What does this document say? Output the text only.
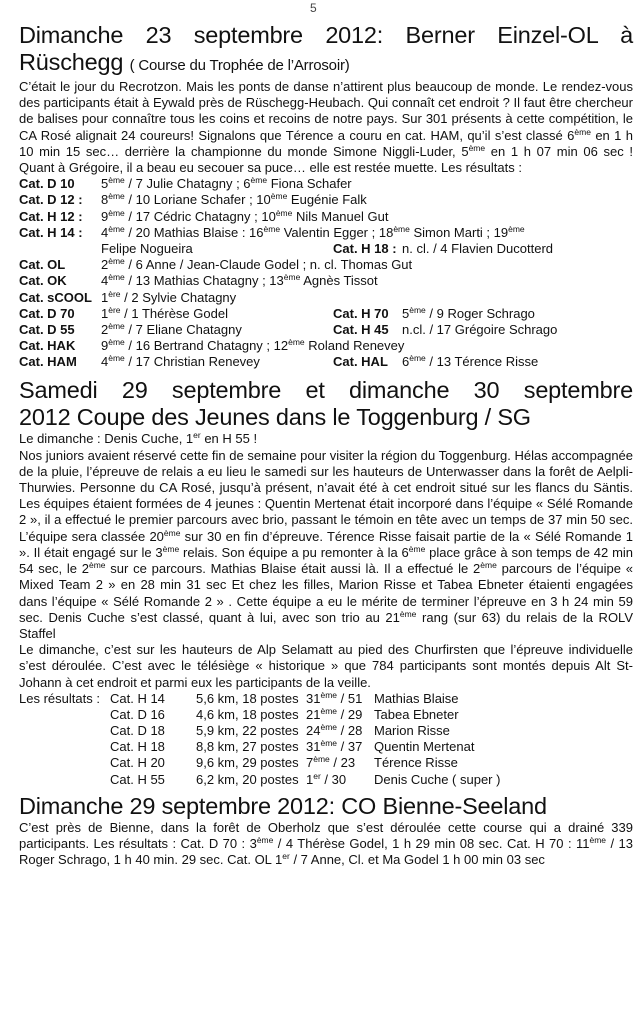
5
Dimanche 23 septembre 2012: Berner Einzel-OL à
Rüschegg ( Course du Trophée de l’Arrosoir)

C’était le jour du Recrotzon. Mais les ponts de danse n’attirent plus beaucoup de monde. Le rendez-vous des participants était à Eywald près de Rüschegg-Heubach. Qui connaît cet endroit ? Il faut être chercheur de balises pour connaître tous les coins et recoins de notre pays. Sur 301 présents à cette compétition, le CA Rosé alignait 24 coureurs! Signalons que Térence a couru en cat. HAM, qu’il s’est classé 6ème en 1 h 10 min 15 sec… derrière la championne du monde Simone Niggli-Luder, 5ème en 1 h 07 min 06 sec ! Quant à Grégoire, il a beau eu secouer sa puce… elle est restée muette. Les résultats :

Cat. D 10	5ème / 7 Julie Chatagny ; 6ème Fiona Schafer
Cat. D 12 :	8ème / 10 Loriane Schafer ; 10ème Eugénie Falk
Cat. H 12 :	9ème / 17 Cédric Chatagny ; 10ème Nils Manuel Gut
Cat. H 14 :	4ème / 20 Mathias Blaise : 16ème Valentin Egger ; 18ème Simon Marti ; 19ème
Felipe Nogueira	Cat. H 18 : n. cl. / 4 Flavien Ducotterd
Cat. OL	2ème / 6 Anne / Jean-Claude Godel ; n. cl. Thomas Gut
Cat. OK	4ème / 13 Mathias Chatagny ; 13ème Agnès Tissot
Cat. sCOOL 1ère / 2 Sylvie Chatagny
Cat. D 70	1ère / 1 Thérèse Godel	Cat. H 70	5ème / 9 Roger Schrago
Cat. D 55	2ème / 7 Eliane Chatagny	Cat. H 45	n.cl. / 17 Grégoire Schrago
Cat. HAK	9ème / 16 Bertrand Chatagny ; 12ème Roland Renevey
Cat. HAM	4ème / 17 Christian Renevey	Cat. HAL	6ème / 13 Térence Risse
Samedi 29 septembre et dimanche 30 septembre
2012 Coupe des Jeunes dans le Toggenburg / SG

Le dimanche : Denis Cuche, 1er en H 55 !

Nos juniors avaient réservé cette fin de semaine pour visiter la région du Toggenburg. Hélas accompagnée de la pluie, l’épreuve de relais a eu lieu le samedi sur les hauteurs de Unterwasser dans la forêt de Aelpli-Thurwies. Personne du CA Rosé, jusqu’à présent, n’avait été à cet endroit situé sur les flancs du Säntis. Les équipes étaient formées de 4 jeunes : Quentin Mertenat était incorporé dans l’équipe « Sélé Romande 2 », il a effectué le premier parcours avec brio, passant le témoin en tête avec un temps de 37 min 50 sec. L’équipe sera classée 20ème sur 30 en fin d’épreuve. Térence Risse faisait partie de la « Sélé Romande 1 ». Il était engagé sur le 3ème relais. Son équipe a pu remonter à la 6ème place grâce à son temps de 42 min 54 sec, le 2ème sur ce parcours. Mathias Blaise était aussi là. Il a effectué le 2ème parcours de l’équipe « Mixed Team 2 » en 28 min 31 sec Et chez les filles, Marion Risse et Tabea Ebneter étaienti engagées dans l’équipe « Sélé Romande 2 » . Cette équipe a eu le mérite de terminer l’épreuve en 3 h 24 min 59 sec. Denis Cuche s’est classé, quant à lui, avec son trio au 21ème rang (sur 63) du relais de la ROLV Staffel

Le dimanche, c’est sur les hauteurs de Alp Selamatt au pied des Churfirsten que l’épreuve individuelle s’est déroulée. C’est avec le télésiège « historique » que 784 participants sont montés depuis Alt St-Johann à cet endroit et parmi eux les participants de la veille.

Les résultats : Cat. H 14	5,6 km, 18 postes 31ème / 51 Mathias Blaise
Cat. D 16	4,6 km, 18 postes 21ème / 29 Tabea Ebneter
Cat. D 18	5,9 km, 22 postes 24ème / 28 Marion Risse
Cat. H 18	8,8 km, 27 postes 31ème / 37 Quentin Mertenat
Cat. H 20	9,6 km, 29 postes 7ème / 23	Térence Risse
Cat. H 55	6,2 km, 20 postes 1er / 30	Denis Cuche ( super )
Dimanche 29 septembre 2012: CO Bienne-Seeland

C’est près de Bienne, dans la forêt de Oberholz que s’est déroulée cette course qui a drainé 339 participants. Les résultats : Cat. D 70 : 3ème / 4 Thérèse Godel, 1 h 29 min 08 sec. Cat. H 70 : 11ème / 13 Roger Schrago, 1 h 40 min. 29 sec. Cat. OL 1er / 7 Anne, Cl. et Ma Godel 1 h 00 min 03 sec
